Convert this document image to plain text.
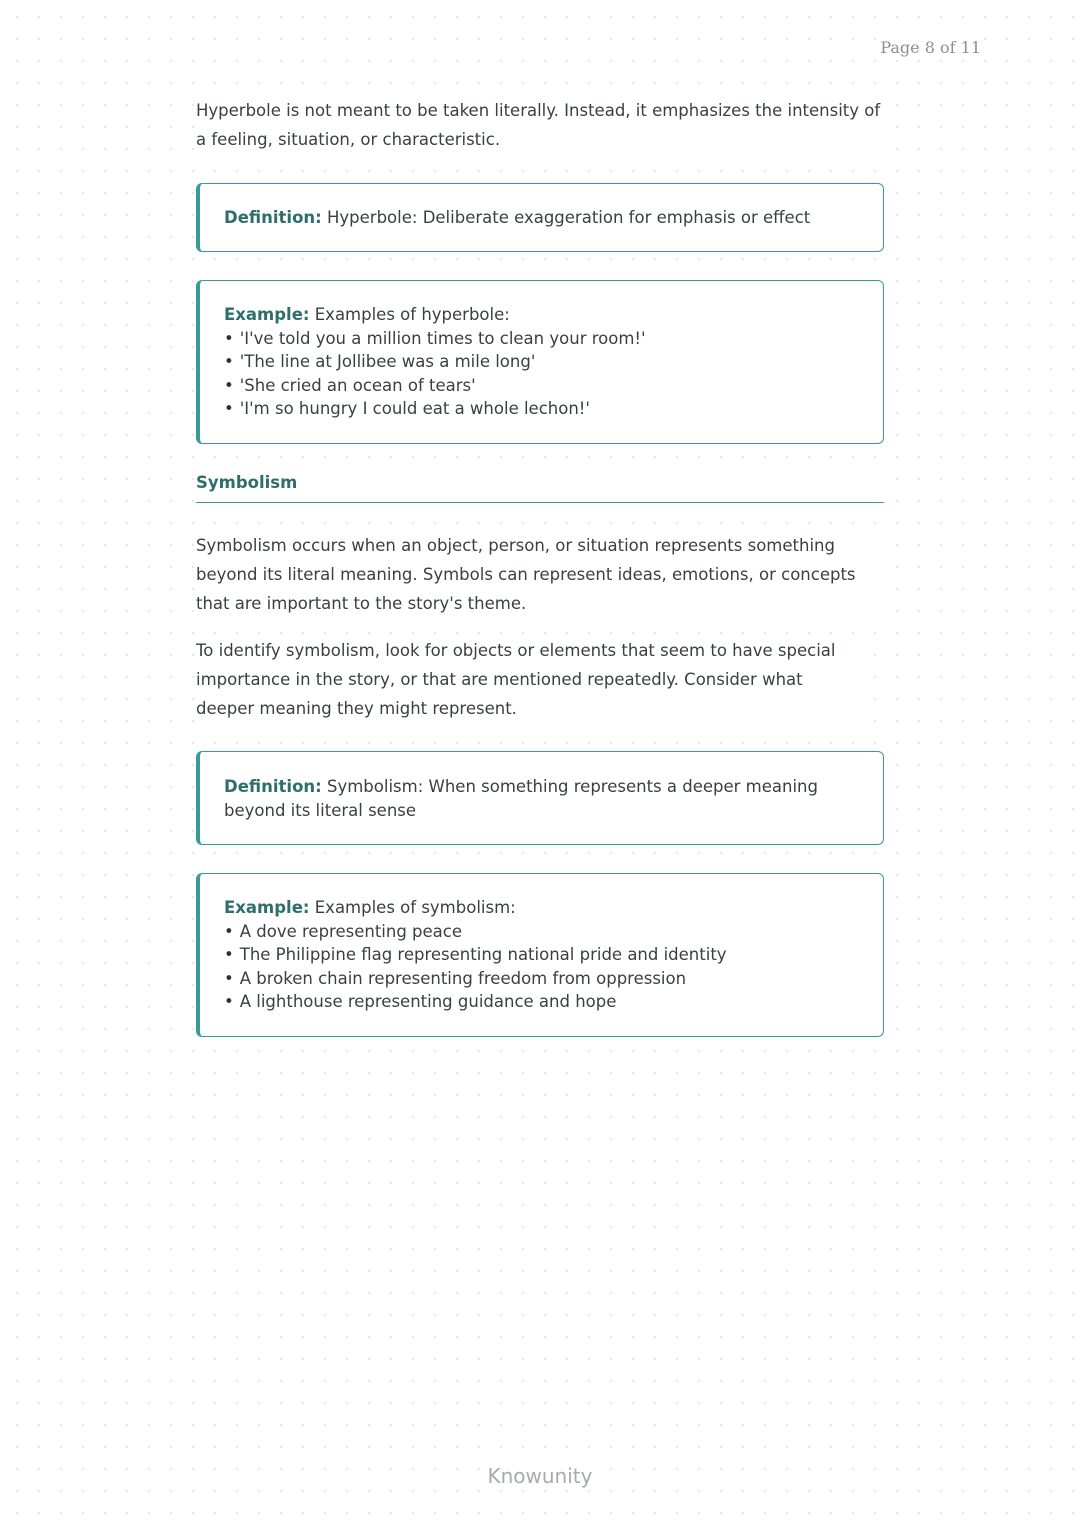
Page 8 of 11

Hyperbole is not meant to be taken literally. Instead, it emphasizes the intensity of a feeling, situation, or characteristic.

Definition: Hyperbole: Deliberate exaggeration for emphasis or effect
Example: Examples of hyperbole:
• 'I've told you a million times to clean your room!'
• 'The line at Jollibee was a mile long'
• 'She cried an ocean of tears'
• 'I'm so hungry I could eat a whole lechon!'
Symbolism

Symbolism occurs when an object, person, or situation represents something beyond its literal meaning. Symbols can represent ideas, emotions, or concepts that are important to the story's theme.

To identify symbolism, look for objects or elements that seem to have special importance in the story, or that are mentioned repeatedly. Consider what deeper meaning they might represent.

Definition: Symbolism: When something represents a deeper meaning beyond its literal sense
Example: Examples of symbolism:
• A dove representing peace
• The Philippine flag representing national pride and identity
• A broken chain representing freedom from oppression
• A lighthouse representing guidance and hope
Knowunity
